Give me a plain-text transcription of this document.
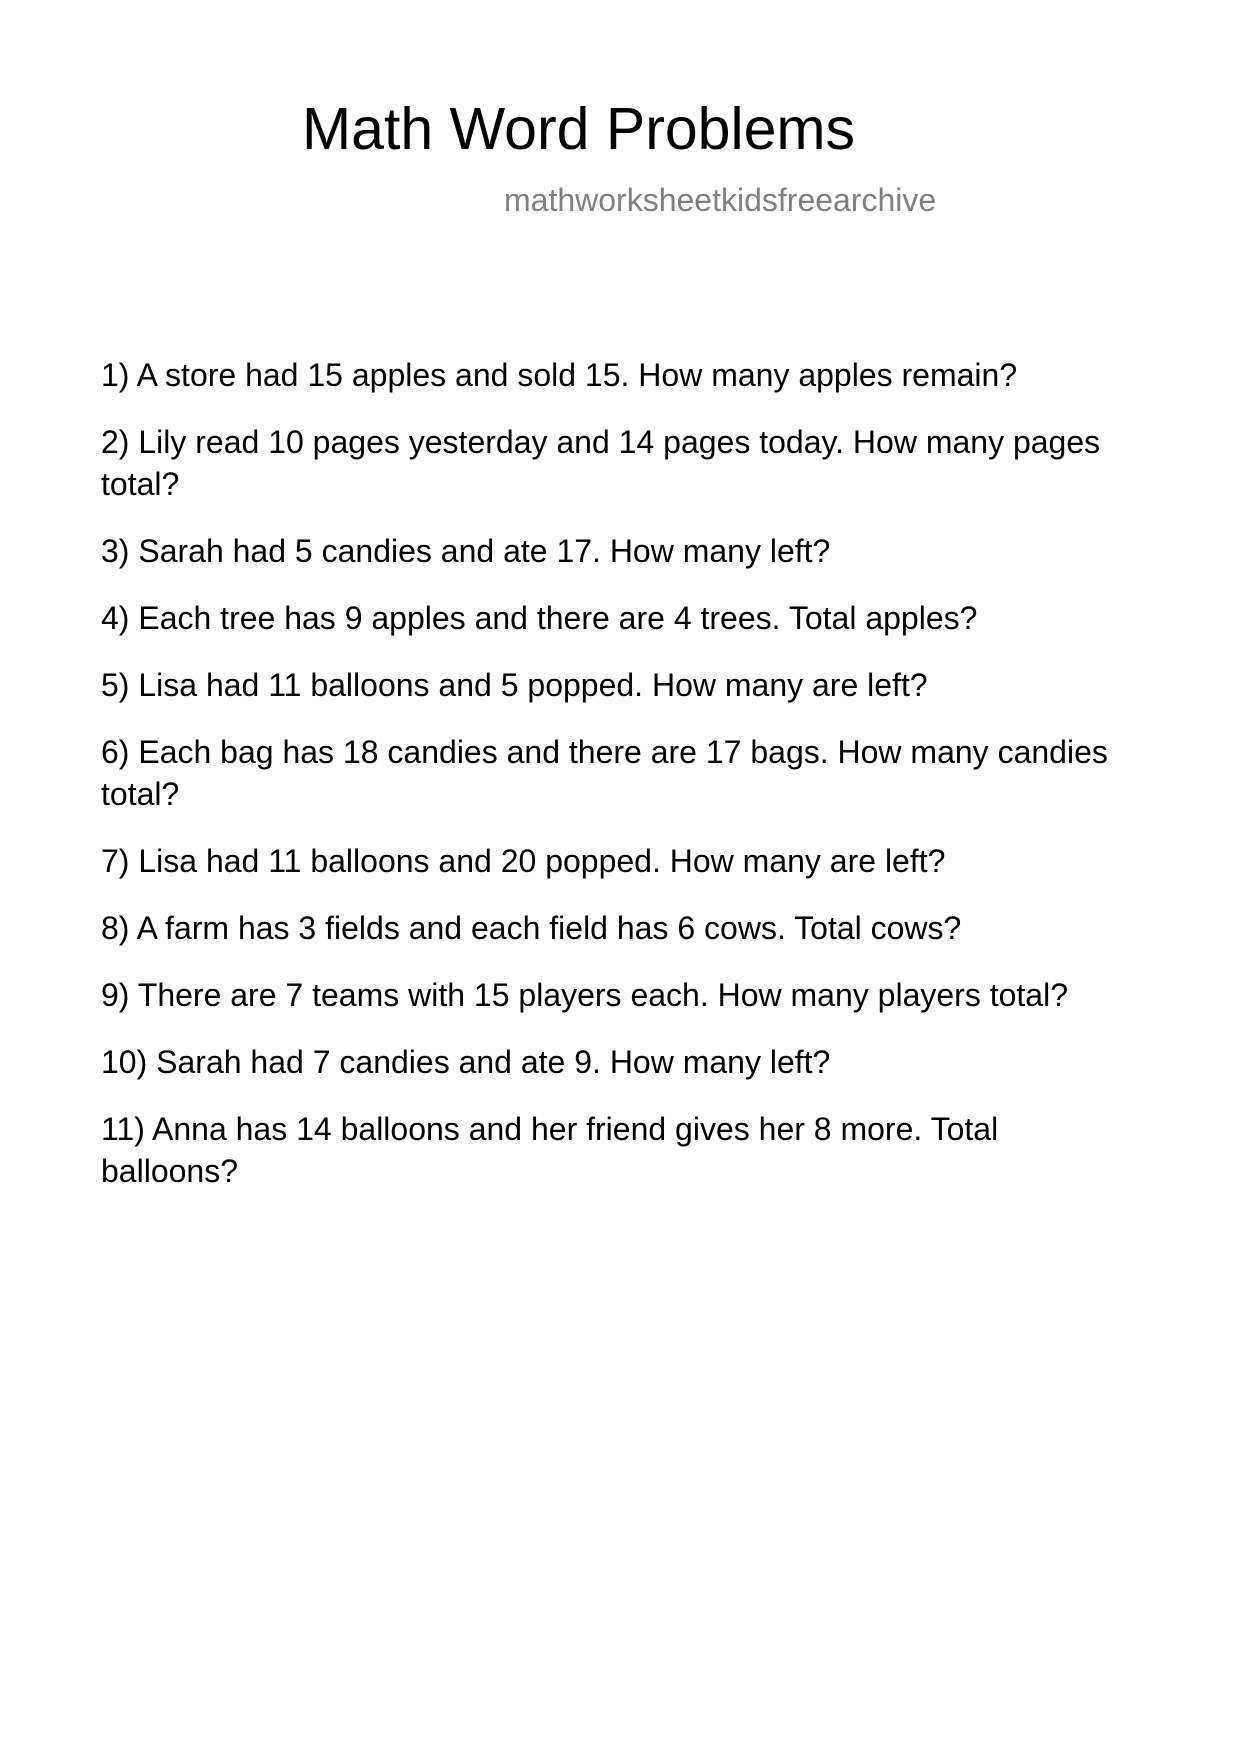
Math Word Problems

mathworksheetkidsfreearchive

1) A store had 15 apples and sold 15. How many apples remain?
2) Lily read 10 pages yesterday and 14 pages today. How many pages total?
3) Sarah had 5 candies and ate 17. How many left?
4) Each tree has 9 apples and there are 4 trees. Total apples?
5) Lisa had 11 balloons and 5 popped. How many are left?
6) Each bag has 18 candies and there are 17 bags. How many candies total?
7) Lisa had 11 balloons and 20 popped. How many are left?
8) A farm has 3 fields and each field has 6 cows. Total cows?
9) There are 7 teams with 15 players each. How many players total?
10) Sarah had 7 candies and ate 9. How many left?
11) Anna has 14 balloons and her friend gives her 8 more. Total balloons?
